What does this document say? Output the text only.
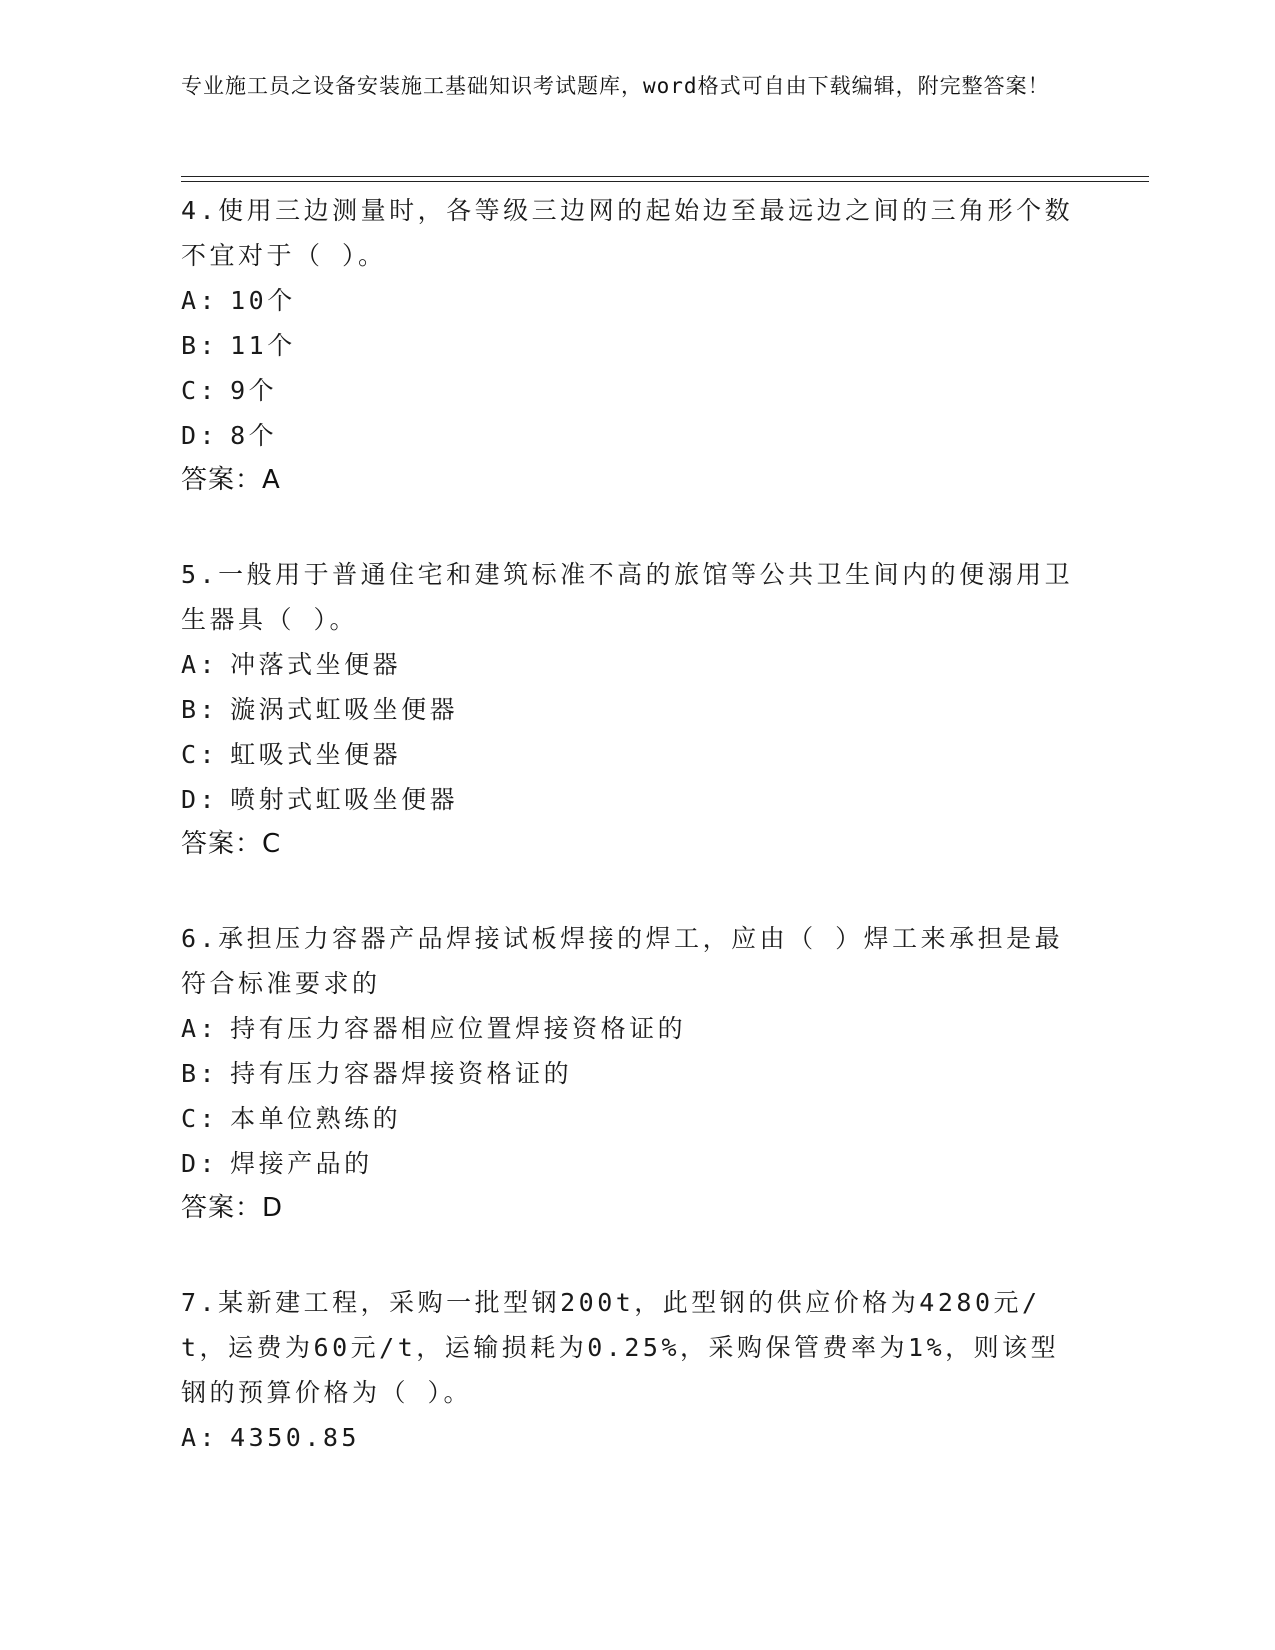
专业施工员之设备安装施工基础知识考试题库，word格式可自由下载编辑，附完整答案！

4.使用三边测量时，各等级三边网的起始边至最远边之间的三角形个数不宜对于（ ）。

A: 10个

B: 11个

C: 9个

D: 8个

答案：A

5.一般用于普通住宅和建筑标准不高的旅馆等公共卫生间内的便溺用卫生器具（ ）。

A: 冲落式坐便器

B: 漩涡式虹吸坐便器

C: 虹吸式坐便器

D: 喷射式虹吸坐便器

答案：C

6.承担压力容器产品焊接试板焊接的焊工，应由（ ）焊工来承担是最符合标准要求的

A: 持有压力容器相应位置焊接资格证的

B: 持有压力容器焊接资格证的

C: 本单位熟练的

D: 焊接产品的

答案：D

7.某新建工程，采购一批型钢200t，此型钢的供应价格为4280元/t，运费为60元/t，运输损耗为0.25%，采购保管费率为1%，则该型钢的预算价格为（ ）。

A: 4350.85
